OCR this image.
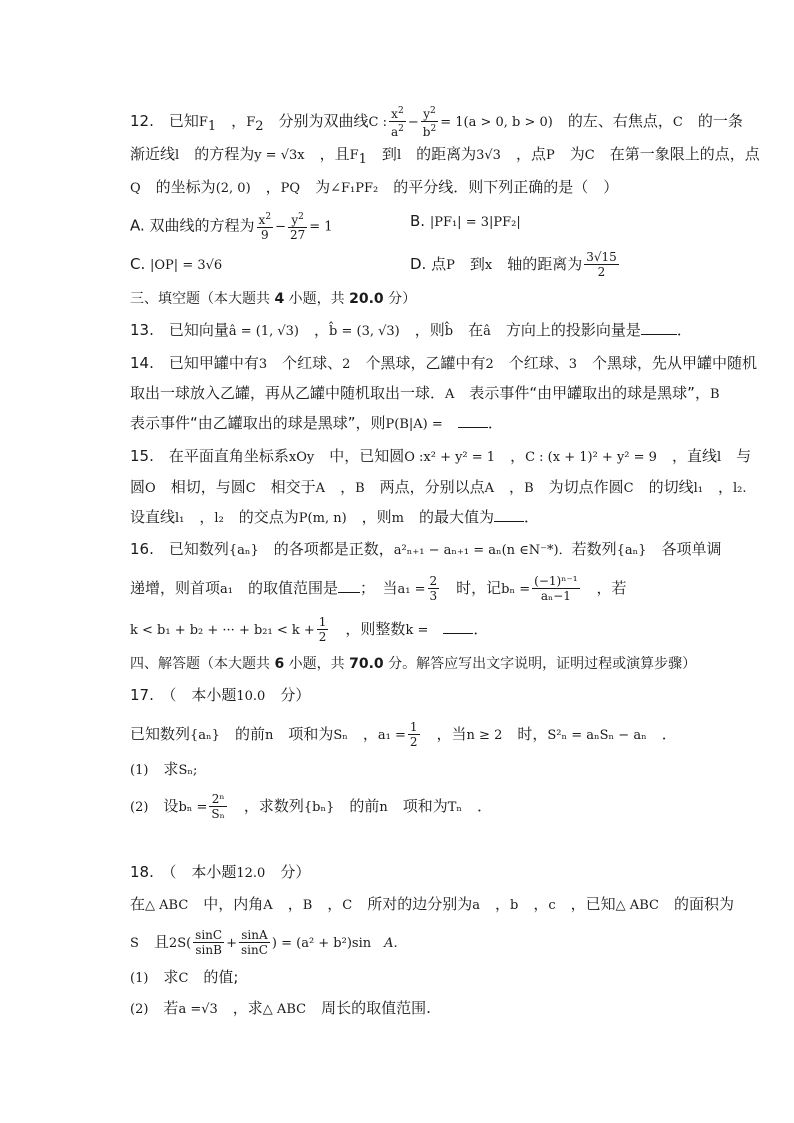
12.　已知$F_1$　，$F_2$　分别为双曲线C : $\frac{x^2}{a^2} - \frac{y^2}{b^2} = 1(a > 0$, b > 0)　的左、右焦点，C　的一条
渐近线l　的方程为y = √3x　，且$F_1$　到l　的距离为3√3　，点P　为C　在第一象限上的点，点
Q　的坐标为(2, 0)　，PQ　为∠F₁PF₂　的平分线．则下列正确的是（　）
A. 双曲线的方程为 $\frac{x^2}{9} - \frac{y^2}{27} = 1$	B. |PF₁| = 3|PF₂|
C. |OP| = 3√6	D. 点P　到x　轴的距离为 $\frac{3√15}{2}$
三、填空题（本大题共 4 小题，共 20.0 分）
13.　已知向量â = (1, √3)　，b̂ = (3, √3)　，则b̂　在â　方向上的投影向量是 ．
14.　已知甲罐中有3　个红球、2　个黑球，乙罐中有2　个红球、3　个黑球，先从甲罐中随机
取出一球放入乙罐，再从乙罐中随机取出一球．A　表示事件“由甲罐取出的球是黑球”，B
表示事件“由乙罐取出的球是黑球”，则P(B|A) =　	．
15.　在平面直角坐标系xOy　中，已知圆O :x² + y² = 1　，C : (x + 1)² + y² = 9　，直线l　与
圆O　相切，与圆C　相交于A　，B　两点，分别以点A　，B　为切点作圆C　的切线l₁　，l₂.
设直线l₁　，l₂　的交点为P(m, n)　，则m　的最大值为 ．
16.　已知数列{aₙ}　的各项都是正数，a²ₙ₊₁ − aₙ₊₁ = aₙ(n ∈N⁻*)．若数列{aₙ}　各项单调
递增，则首项a₁　的取值范围是 ；　当$a_1 = \frac{2}{3}$ 　时，记$b_n = \frac{\text{(−1)ⁿ⁻¹}}{\text{aₙ−1}}$ 　，若
k < b₁ + b₂ + ··· + $b_{21} < k + \frac{1}{2}$ 　，则整数k =　	．
四、解答题（本大题共 6 小题，共 70.0 分。解答应写出文字说明，证明过程或演算步骤）
17.　（　本小题10.0　分）
已知数列{aₙ}　的前n　项和为Sₙ　，$a_1 = \frac{1}{2}$ 　，当n ≥ 2　时，S²ₙ = aₙSₙ − aₙ　．
(1)　求Sₙ;
(2)　设$b_n = \frac{\text{2ⁿ}}{\text{Sₙ}}$ 　，求数列{bₙ}　的前n　项和为Tₙ　．
18.　（　本小题12.0　分）
在△ ABC　中，内角A　，B　，C　所对的边分别为a　，b　，c　，已知△ ABC　的面积为
S　且$2S( \frac{\sin C}{\sin B} + \frac{\sin A}{\sin C}$ ) = (a² + b²)sin　A.
(1)　求C　的值;
(2)　若a =√3　，求△ ABC　周长的取值范围.
